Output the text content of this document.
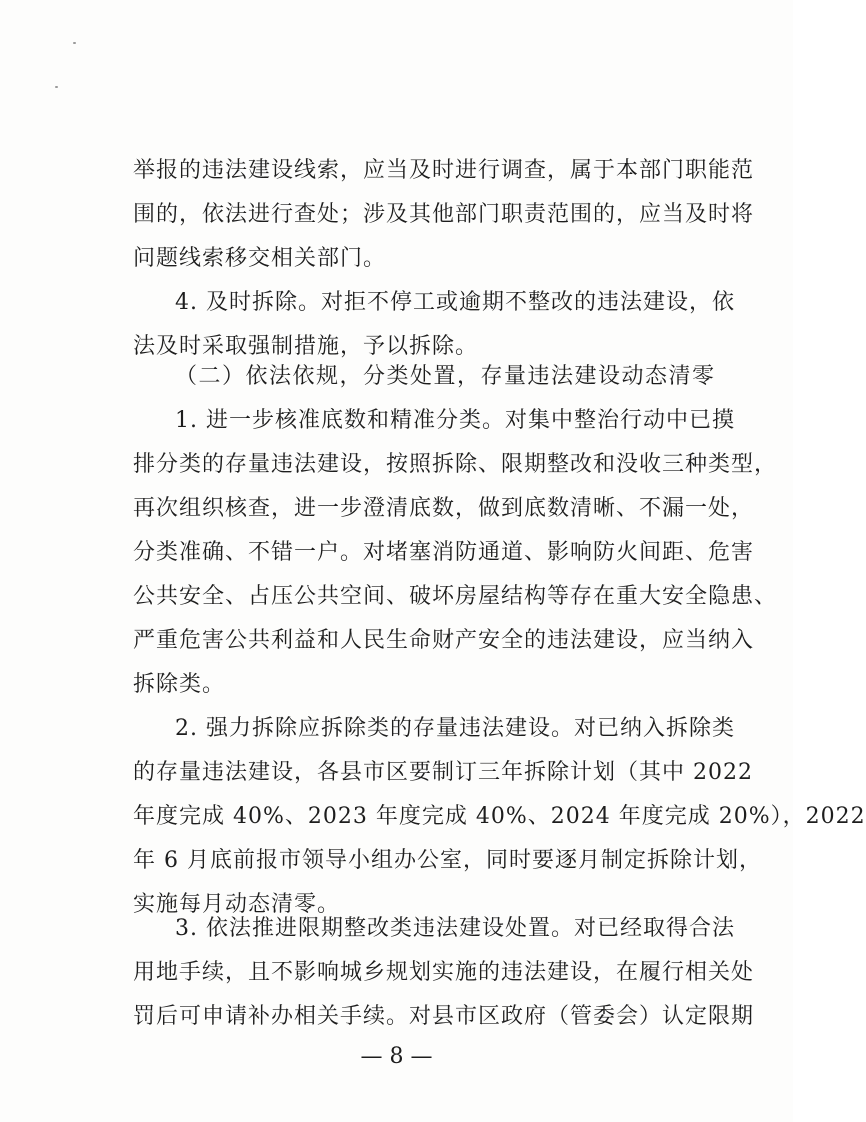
举报的违法建设线索，应当及时进行调查，属于本部门职能范
围的，依法进行查处；涉及其他部门职责范围的，应当及时将
问题线索移交相关部门。
4. 及时拆除。对拒不停工或逾期不整改的违法建设，依
法及时采取强制措施，予以拆除。
（二）依法依规，分类处置，存量违法建设动态清零
1. 进一步核准底数和精准分类。对集中整治行动中已摸
排分类的存量违法建设，按照拆除、限期整改和没收三种类型，
再次组织核查，进一步澄清底数，做到底数清晰、不漏一处，
分类准确、不错一户。对堵塞消防通道、影响防火间距、危害
公共安全、占压公共空间、破坏房屋结构等存在重大安全隐患、
严重危害公共利益和人民生命财产安全的违法建设，应当纳入
拆除类。
2. 强力拆除应拆除类的存量违法建设。对已纳入拆除类
的存量违法建设，各县市区要制订三年拆除计划（其中 2022
年度完成 40%、2023 年度完成 40%、2024 年度完成 20%），2022
年 6 月底前报市领导小组办公室，同时要逐月制定拆除计划，
实施每月动态清零。
3. 依法推进限期整改类违法建设处置。对已经取得合法
用地手续，且不影响城乡规划实施的违法建设，在履行相关处
罚后可申请补办相关手续。对县市区政府（管委会）认定限期
— 8 —
